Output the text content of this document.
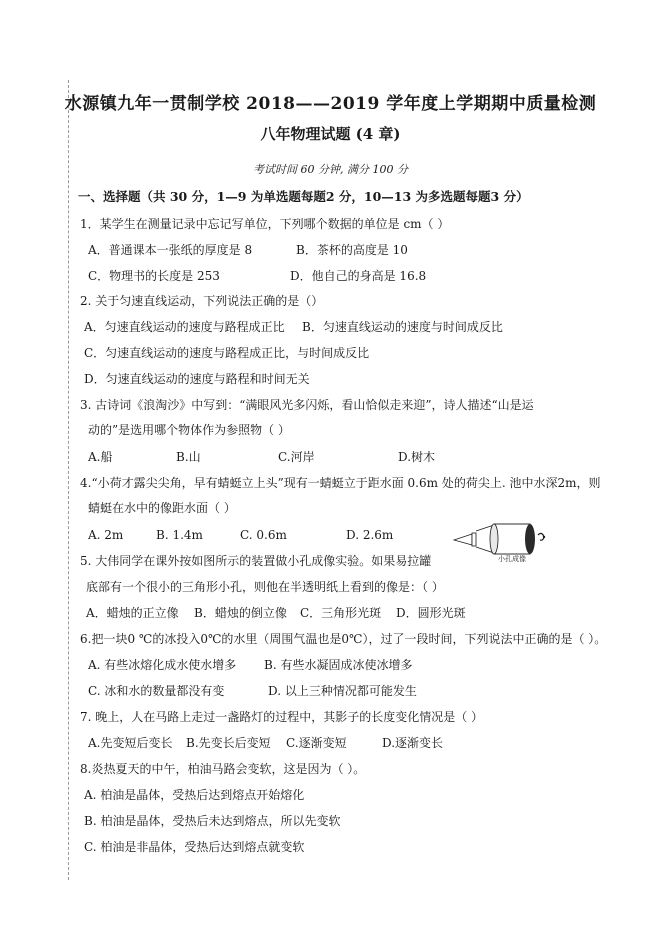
水源镇九年一贯制学校 2018——2019 学年度上学期期中质量检测
八年物理试题 (4 章)
考试时间 60 分钟, 满分 100 分
一、选择题（共 30 分，1—9 为单选题每题2 分，10—13 为多选题每题3 分）
1．某学生在测量记录中忘记写单位，下列哪个数据的单位是 cm（ ）
A．普通课本一张纸的厚度是 8	B．茶杯的高度是 10
C．物理书的长度是 253	D．他自己的身高是 16.8
2. 关于匀速直线运动，下列说法正确的是（）
A．匀速直线运动的速度与路程成正比 B．匀速直线运动的速度与时间成反比
C．匀速直线运动的速度与路程成正比，与时间成反比
D．匀速直线运动的速度与路程和时间无关
3. 古诗词《浪淘沙》中写到：“满眼风光多闪烁，看山恰似走来迎”，诗人描述“山是运
动的”是选用哪个物体作为参照物（ ）
A.船	B.山	C.河岸	D.树木
4.“小荷才露尖尖角，早有蜻蜓立上头”现有一蜻蜓立于距水面 0.6m 处的荷尖上. 池中水深2m，则
蜻蜓在水中的像距水面（ ）
A. 2m	B. 1.4m	C. 0.6m	D. 2.6m
小孔成像
5. 大伟同学在课外按如图所示的装置做小孔成像实验。如果易拉罐
底部有一个很小的三角形小孔，则他在半透明纸上看到的像是：（ ）
A．蜡烛的正立像 B．蜡烛的倒立像 C．三角形光斑 D．圆形光斑
6.把一块0 ℃的冰投入0℃的水里（周围气温也是0℃），过了一段时间，下列说法中正确的是（ ）。
A. 有些冰熔化成水使水增多 B. 有些水凝固成冰使冰增多
C. 冰和水的数量都没有变	D. 以上三种情况都可能发生
7. 晚上，人在马路上走过一盏路灯的过程中，其影子的长度变化情况是（ ）
A.先变短后变长 B.先变长后变短 C.逐渐变短	D.逐渐变长
8.炎热夏天的中午，柏油马路会变软，这是因为（ ）。
A. 柏油是晶体，受热后达到熔点开始熔化
B. 柏油是晶体，受热后未达到熔点，所以先变软
C. 柏油是非晶体，受热后达到熔点就变软
